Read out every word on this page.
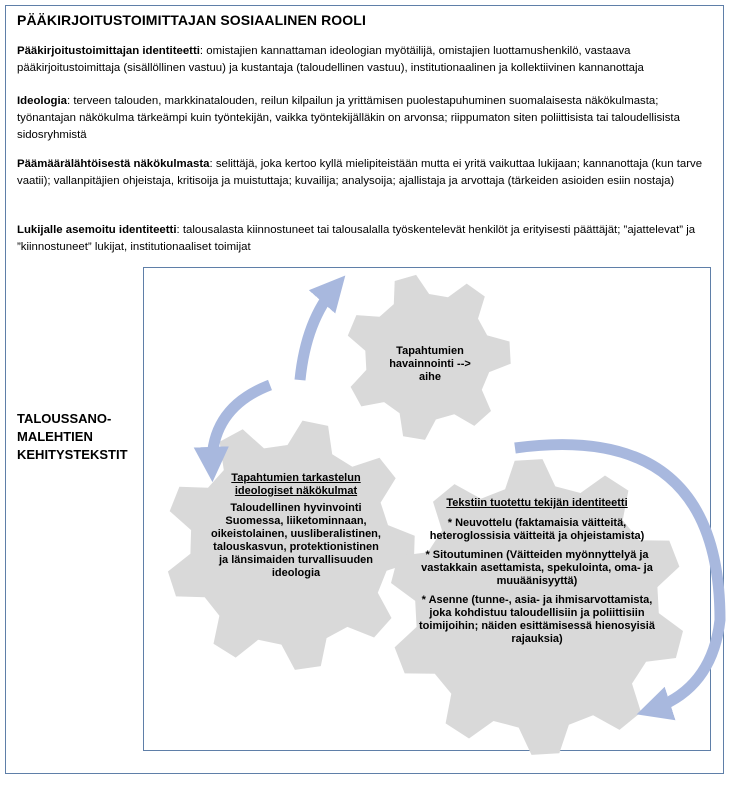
PÄÄKIRJOITUSTOIMITTAJAN SOSIAALINEN ROOLI
Pääkirjoitustoimittajan identiteetti: omistajien kannattaman ideologian myötäilijä, omistajien luottamushenkilö, vastaava pääkirjoitustoimittaja (sisällöllinen vastuu) ja kustantaja (taloudellinen vastuu), institutionaalinen ja kollektiivinen kannanottaja
Ideologia: terveen talouden, markkinatalouden, reilun kilpailun ja yrittämisen puolestapuhuminen suomalaisesta näkökulmasta; työnantajan näkökulma tärkeämpi kuin työntekijän, vaikka työntekijälläkin on arvonsa; riippumaton siten poliittisista tai taloudellisista sidosryhmistä
Päämäärälähtöisestä näkökulmasta: selittäjä, joka kertoo kyllä mielipiteistään mutta ei yritä vaikuttaa lukijaan; kannanottaja (kun tarve vaatii); vallanpitäjien ohjeistaja, kritisoija ja muistuttaja; kuvailija; analysoija; ajallistaja ja arvottaja (tärkeiden asioiden esiin nostaja)
Lukijalle asemoitu identiteetti: talousalasta kiinnostuneet tai talousalalla työskentelevät henkilöt ja erityisesti päättäjät; ”ajattelevat” ja ”kiinnostuneet” lukijat, institutionaaliset toimijat
TALOUSSANO-MALEHTIEN KEHITYSTEKSTIT
Tapahtumien havainnointi --> aihe
Tapahtumien tarkastelun ideologiset näkökulmat
Taloudellinen hyvinvointi Suomessa, liiketominnaan, oikeistolainen, uusliberalistinen, talouskasvun, protektionistinen ja länsimaiden turvallisuuden ideologia
Tekstiin tuotettu tekijän identiteetti
* Neuvottelu (faktamaisia väitteitä, heteroglossisia väitteitä ja ohjeistamista)
* Sitoutuminen (Väitteiden myönnyttelyä ja vastakkain asettamista, spekulointa, oma- ja muuäänisyyttä)
* Asenne (tunne-, asia- ja ihmisarvottamista, joka kohdistuu taloudellisiin ja poliittisiin toimijoihin; näiden esittämisessä hienosyisiä rajauksia)
